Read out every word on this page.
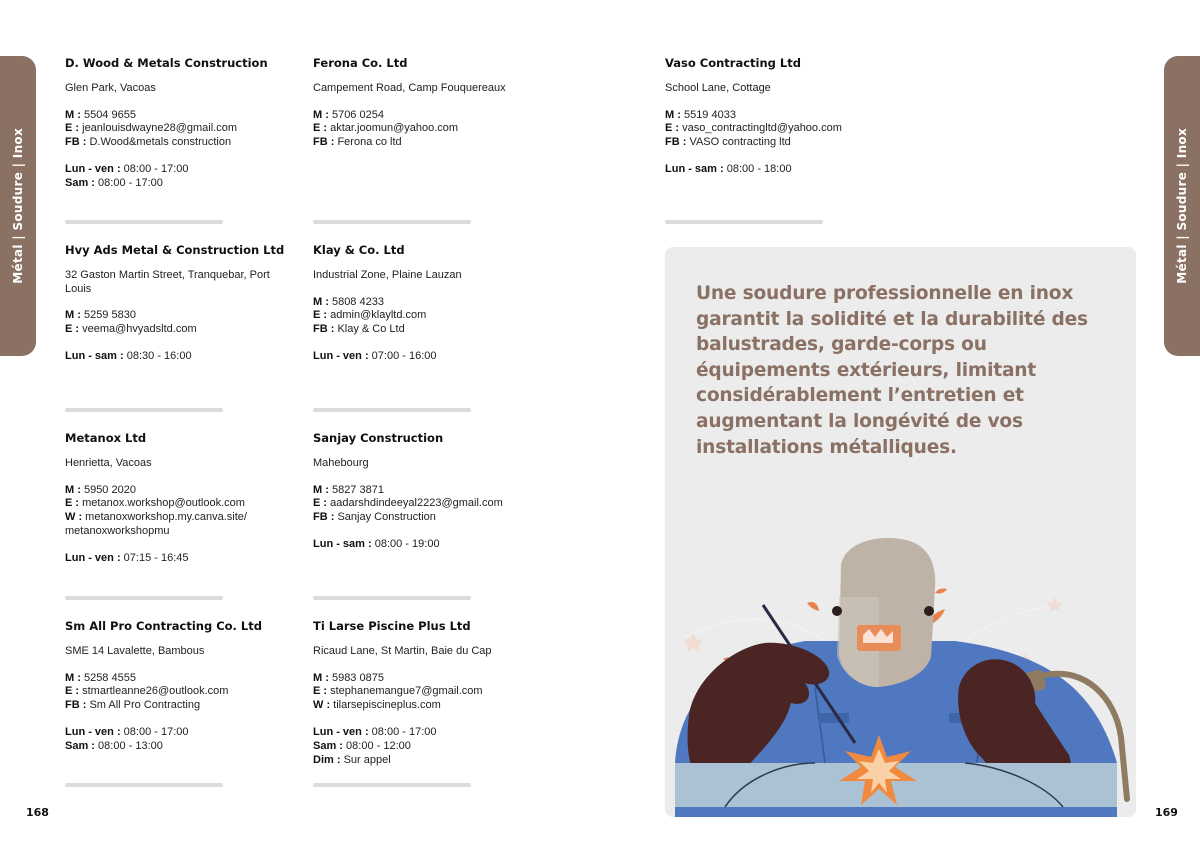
Métal | Soudure | Inox	Métal | Soudure | Inox
D. Wood & Metals Construction
Glen Park, Vacoas
M : 5504 9655
E : jeanlouisdwayne28@gmail.com
FB : D.Wood&metals construction
Lun - ven : 08:00 - 17:00
Sam : 08:00 - 17:00
Ferona Co. Ltd
Campement Road, Camp Fouquereaux
M : 5706 0254
E : aktar.joomun@yahoo.com
FB : Ferona co ltd
Vaso Contracting Ltd
School Lane, Cottage
M : 5519 4033
E : vaso_contractingltd@yahoo.com
FB : VASO contracting ltd
Lun - sam : 08:00 - 18:00
Hvy Ads Metal & Construction Ltd
32 Gaston Martin Street, Tranquebar, Port Louis
M : 5259 5830
E : veema@hvyadsltd.com
Lun - sam : 08:30 - 16:00
Klay & Co. Ltd
Industrial Zone, Plaine Lauzan
M : 5808 4233
E : admin@klayltd.com
FB : Klay & Co Ltd
Lun - ven : 07:00 - 16:00
Metanox Ltd
Henrietta, Vacoas
M : 5950 2020
E : metanox.workshop@outlook.com
W : metanoxworkshop.my.canva.site/ metanoxworkshopmu
Lun - ven : 07:15 - 16:45
Sanjay Construction
Mahebourg
M : 5827 3871
E : aadarshdindeeyal2223@gmail.com
FB : Sanjay Construction
Lun - sam : 08:00 - 19:00
Sm All Pro Contracting Co. Ltd
SME 14 Lavalette, Bambous
M : 5258 4555
E : stmartleanne26@outlook.com
FB : Sm All Pro Contracting
Lun - ven : 08:00 - 17:00
Sam : 08:00 - 13:00
Ti Larse Piscine Plus Ltd
Ricaud Lane, St Martin, Baie du Cap
M : 5983 0875
E : stephanemangue7@gmail.com
W : tilarsepiscineplus.com
Lun - ven : 08:00 - 17:00
Sam : 08:00 - 12:00
Dim : Sur appel
Une soudure professionnelle en inox garantit la solidité et la durabilité des balustrades, garde-corps ou équipements extérieurs, limitant considérablement l’entretien et augmentant la longévité de vos installations métalliques.
168	169
